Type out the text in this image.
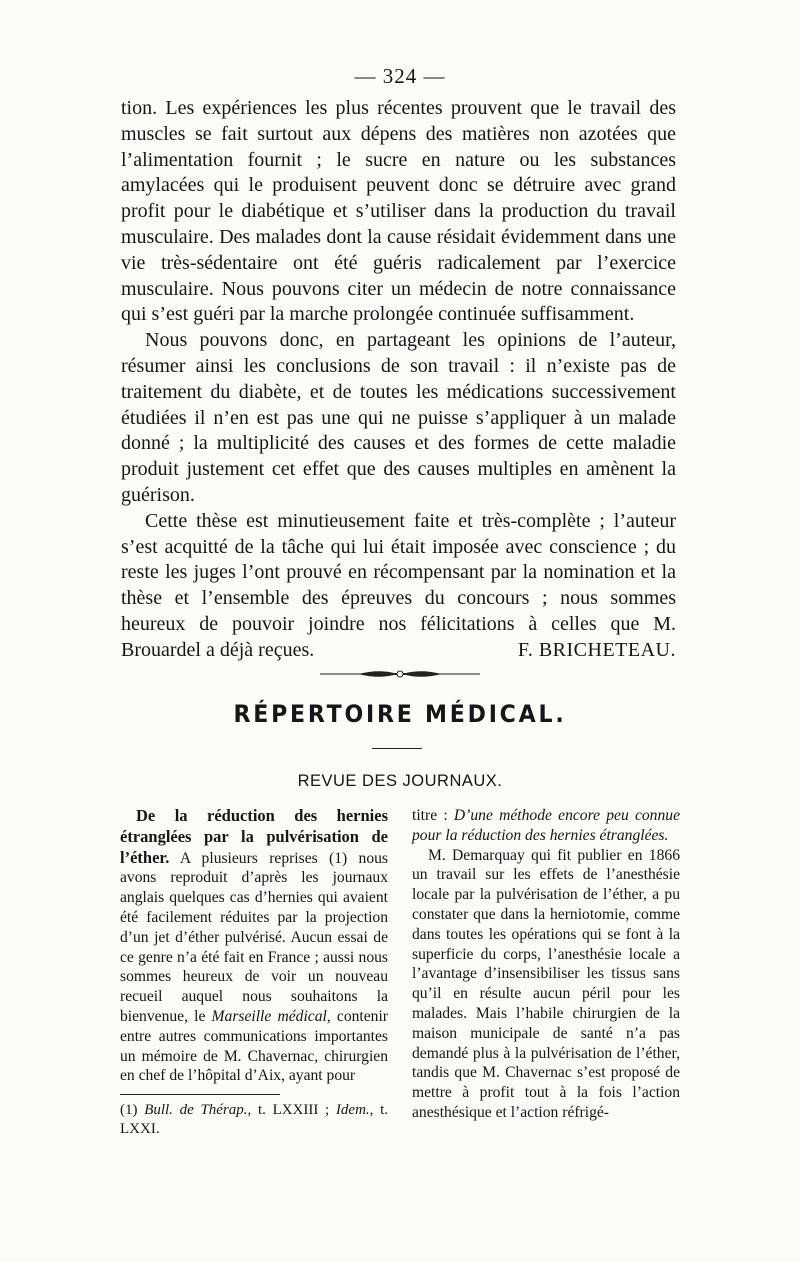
— 324 —

tion. Les expériences les plus récentes prouvent que le travail des muscles se fait surtout aux dépens des matières non azotées que l’alimentation fournit ; le sucre en nature ou les substances amylacées qui le produisent peuvent donc se détruire avec grand profit pour le diabétique et s’utiliser dans la production du travail musculaire. Des malades dont la cause résidait évidemment dans une vie très-sédentaire ont été guéris radicalement par l’exercice musculaire. Nous pouvons citer un médecin de notre connaissance qui s’est guéri par la marche prolongée continuée suffisamment.

Nous pouvons donc, en partageant les opinions de l’auteur, résumer ainsi les conclusions de son travail : il n’existe pas de traitement du diabète, et de toutes les médications successivement étudiées il n’en est pas une qui ne puisse s’appliquer à un malade donné ; la multiplicité des causes et des formes de cette maladie produit justement cet effet que des causes multiples en amènent la guérison.

Cette thèse est minutieusement faite et très-complète ; l’auteur s’est acquitté de la tâche qui lui était imposée avec conscience ; du reste les juges l’ont prouvé en récompensant par la nomination et la thèse et l’ensemble des épreuves du concours ; nous sommes heureux de pouvoir joindre nos félicitations à celles que M. Brouardel a déjà reçues.	F. BRICHETEAU.
RÉPERTOIRE MÉDICAL.
REVUE DES JOURNAUX.

De la réduction des hernies étranglées par la pulvérisation de l’éther. A plusieurs reprises (1) nous avons reproduit d’après les journaux anglais quelques cas d’hernies qui avaient été facilement réduites par la projection d’un jet d’éther pulvérisé. Aucun essai de ce genre n’a été fait en France ; aussi nous sommes heureux de voir un nouveau recueil auquel nous souhaitons la bienvenue, le Marseille médical, contenir entre autres communications importantes un mémoire de M. Chavernac, chirurgien en chef de l’hôpital d’Aix, ayant pour

(1) Bull. de Thérap., t. LXXIII ; Idem., t. LXXI.

titre : D’une méthode encore peu connue pour la réduction des hernies étranglées.

M. Demarquay qui fit publier en 1866 un travail sur les effets de l’anesthésie locale par la pulvérisation de l’éther, a pu constater que dans la herniotomie, comme dans toutes les opérations qui se font à la superficie du corps, l’anesthésie locale a l’avantage d’insensibiliser les tissus sans qu’il en résulte aucun péril pour les malades. Mais l’habile chirurgien de la maison municipale de santé n’a pas demandé plus à la pulvérisation de l’éther, tandis que M. Chavernac s’est proposé de mettre à profit tout à la fois l’action anesthésique et l’action réfrigé-
